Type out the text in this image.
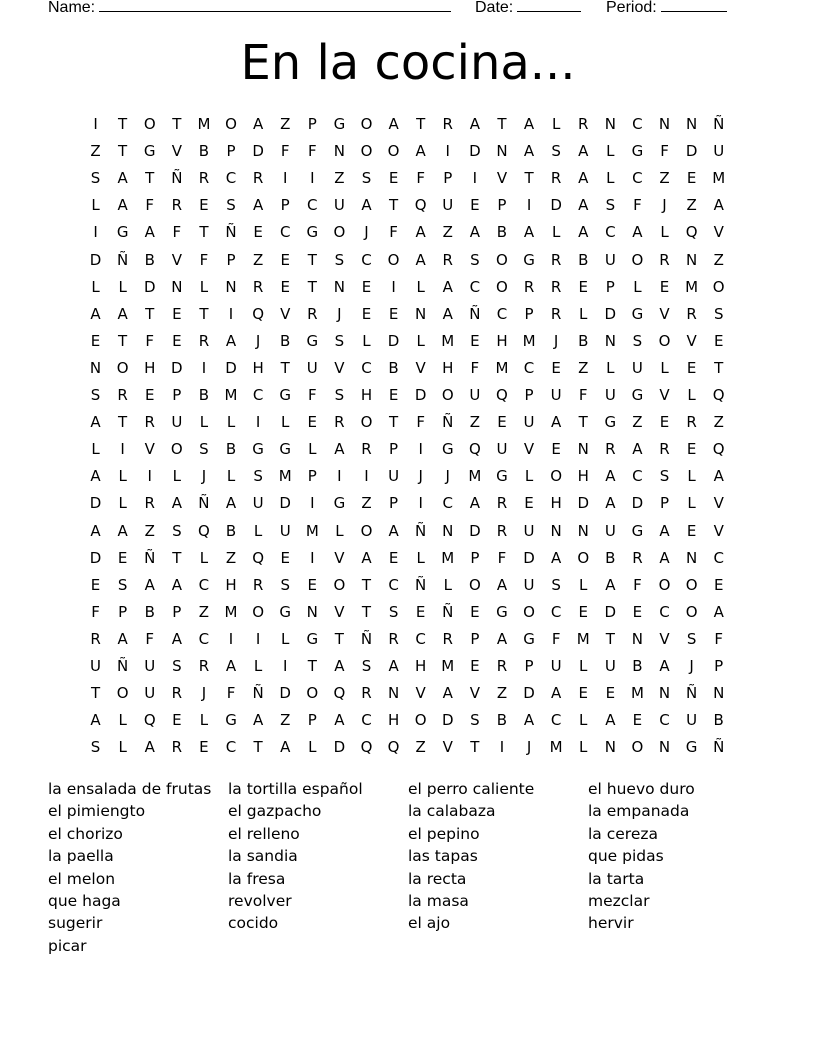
Name:	Date:	Period:
En la cocina...
I	T	O	T	M O	A	Z	P	G	O	A	T	R	A	T	A	L	R	N	C	N	N	Ñ
Z	T	G	V	B	P	D	F	F	N	O	O	A	I	D	N	A	S	A	L	G	F	D	U
S	A	T	Ñ	R	C	R	I	I	Z	S	E	F	P	I	V	T	R	A	L	C	Z	E	M
L	A	F	R	E	S	A	P	C	U	A	T	Q	U	E	P	I	D	A	S	F	J	Z	A
I	G	A	F	T	Ñ	E	C	G	O	J	F	A	Z	A	B	A	L	A	C	A	L	Q	V
D	Ñ	B	V	F	P	Z	E	T	S	C	O	A	R	S	O	G	R	B	U	O	R	N	Z
L	L	D	N	L	N	R	E	T	N	E	I	L	A	C	O	R	R	E	P	L	E	M O
A	A	T	E	T	I	Q	V	R	J	E	E	N	A	Ñ	C	P	R	L	D	G	V	R	S
E	T	F	E	R	A	J	B	G	S	L	D	L	M	E	H M	J	B	N	S	O	V	E
N	O	H	D	I	D	H	T	U	V	C	B	V	H	F	M	C	E	Z	L	U	L	E	T
S	R	E	P	B	M	C	G	F	S	H	E	D	O	U	Q	P	U	F	U	G	V	L	Q
A	T	R	U	L	L	I	L	E	R	O	T	F	Ñ	Z	E	U	A	T	G	Z	E	R	Z
L	I	V	O	S	B	G	G	L	A	R	P	I	G	Q	U	V	E	N	R	A	R	E	Q
A	L	I	L	J	L	S	M	P	I	I	U	J	J	M G	L	O	H	A	C	S	L	A
D	L	R	A	Ñ	A	U	D	I	G	Z	P	I	C	A	R	E	H	D	A	D	P	L	V
A	A	Z	S	Q	B	L	U	M	L	O	A	Ñ	N	D	R	U	N	N	U	G	A	E	V
D	E	Ñ	T	L	Z	Q	E	I	V	A	E	L	M	P	F	D	A	O	B	R	A	N	C
E	S	A	A	C	H	R	S	E	O	T	C	Ñ	L	O	A	U	S	L	A	F	O	O	E
F	P	B	P	Z	M O	G	N	V	T	S	E	Ñ	E	G	O	C	E	D	E	C	O	A
R	A	F	A	C	I	I	L	G	T	Ñ	R	C	R	P	A	G	F	M	T	N	V	S	F
U	Ñ	U	S	R	A	L	I	T	A	S	A	H M	E	R	P	U	L	U	B	A	J	P
T	O	U	R	J	F	Ñ	D	O	Q	R	N	V	A	V	Z	D	A	E	E	M	N	Ñ	N
A	L	Q	E	L	G	A	Z	P	A	C	H	O	D	S	B	A	C	L	A	E	C	U	B
S	L	A	R	E	C	T	A	L	D	Q	Q	Z	V	T	I	J	M	L	N	O	N	G	Ñ
la ensalada de frutas
el pimiengto
el chorizo
la paella
el melon
que haga
sugerir
picar
la tortilla español
el gazpacho
el relleno
la sandia
la fresa
revolver
cocido
el perro caliente
la calabaza
el pepino
las tapas
la recta
la masa
el ajo
el huevo duro
la empanada
la cereza
que pidas
la tarta
mezclar
hervir
